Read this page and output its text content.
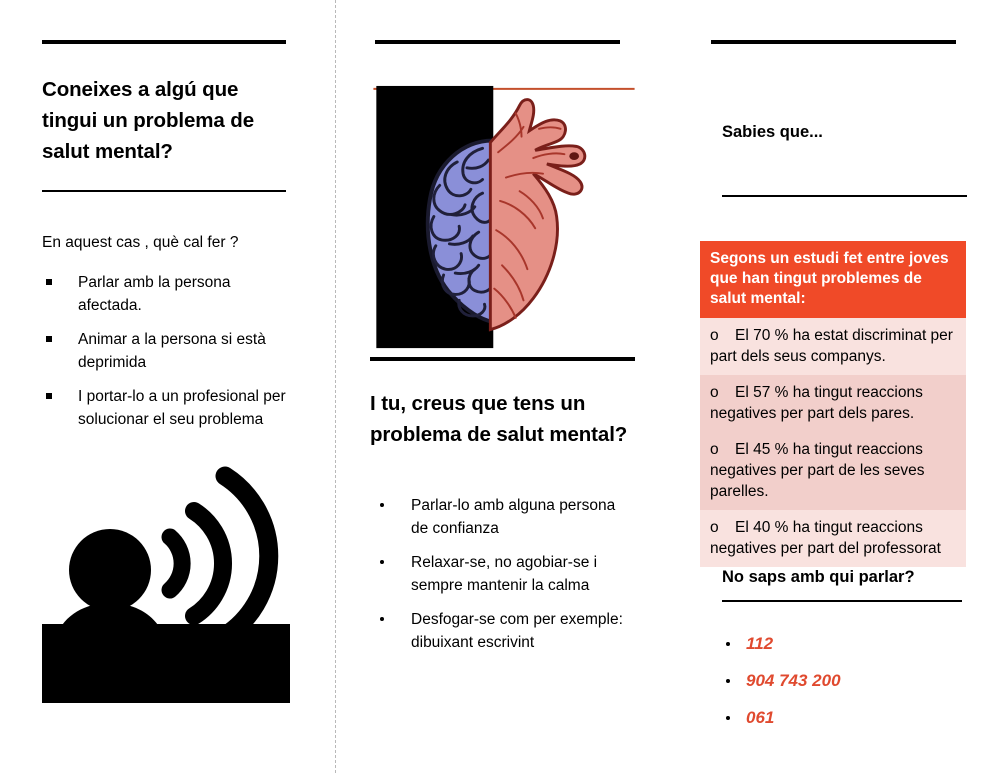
Coneixes a algú que tingui un problema de salut mental?
En aquest cas , què cal fer ?
Parlar amb la persona afectada.
Animar a la persona si està deprimida
I portar-lo a un profesional per solucionar el seu problema
I tu, creus que tens un problema de salut mental?
Parlar-lo amb alguna persona de confianza
Relaxar-se, no agobiar-se i sempre mantenir la calma
Desfogar-se com per exemple: dibuixant escrivint
Sabies que...
Segons un estudi fet entre joves que han tingut problemes de salut mental:
o El 70 % ha estat discriminat per part dels seus companys.
o El 57 % ha tingut reaccions negatives per part dels pares.
o El 45 % ha tingut reaccions negatives per part de les seves parelles.
o El 40 % ha tingut reaccions negatives per part del professorat
No saps amb qui parlar?
112
904 743 200
061
